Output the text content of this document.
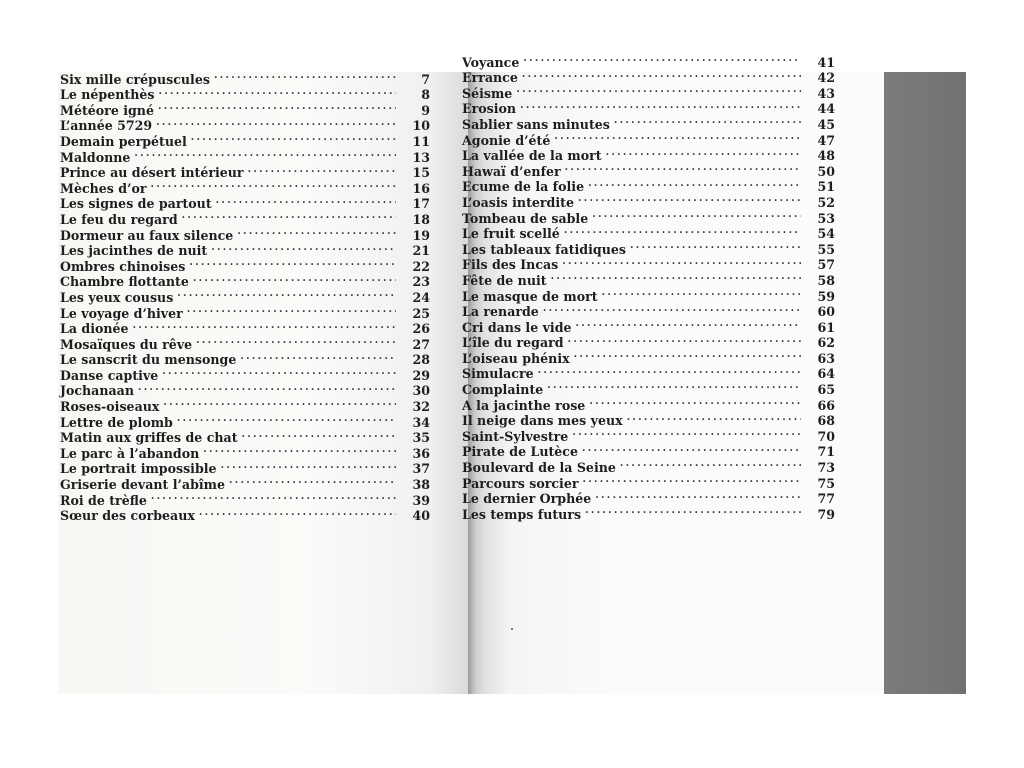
Six mille crépuscules . . .	7
Le népenthès . . .	8
Météore igné . . .	9
L’année 5729 . . .	10
Demain perpétuel . . .	11
Maldonne . . .	13
Prince au désert intérieur . . .	15
Mèches d’or . . .	16
Les signes de partout . . .	17
Le feu du regard . . .	18
Dormeur au faux silence . . .	19
Les jacinthes de nuit . . .	21
Ombres chinoises . . .	22
Chambre flottante . . .	23
Les yeux cousus . . .	24
Le voyage d’hiver . . .	25
La dionée . . .	26
Mosaïques du rêve . . .	27
Le sanscrit du mensonge . . .	28
Danse captive . . .	29
Jochanaan . . .	30
Roses-oiseaux . . .	32
Lettre de plomb . . .	34
Matin aux griffes de chat . . .	35
Le parc à l’abandon . . .	36
Le portrait impossible . . .	37
Griserie devant l’abîme . . .	38
Roi de trèfle . . .	39
Sœur des corbeaux . . .	40
Voyance . . .	41
Errance . . .	42
Séisme . . .	43
Erosion . . .	44
Sablier sans minutes . . .	45
Agonie d’été . . .	47
La vallée de la mort . . .	48
Hawaï d’enfer . . .	50
Ecume de la folie . . .	51
L’oasis interdite . . .	52
Tombeau de sable . . .	53
Le fruit scellé . . .	54
Les tableaux fatidiques . . .	55
Fils des Incas . . .	57
Fête de nuit . . .	58
Le masque de mort . . .	59
La renarde . . .	60
Cri dans le vide . . .	61
L’île du regard . . .	62
L’oiseau phénix . . .	63
Simulacre . . .	64
Complainte . . .	65
A la jacinthe rose . . .	66
Il neige dans mes yeux . . .	68
Saint-Sylvestre . . .	70
Pirate de Lutèce . . .	71
Boulevard de la Seine . . .	73
Parcours sorcier . . .	75
Le dernier Orphée . . .	77
Les temps futurs . . .	79
